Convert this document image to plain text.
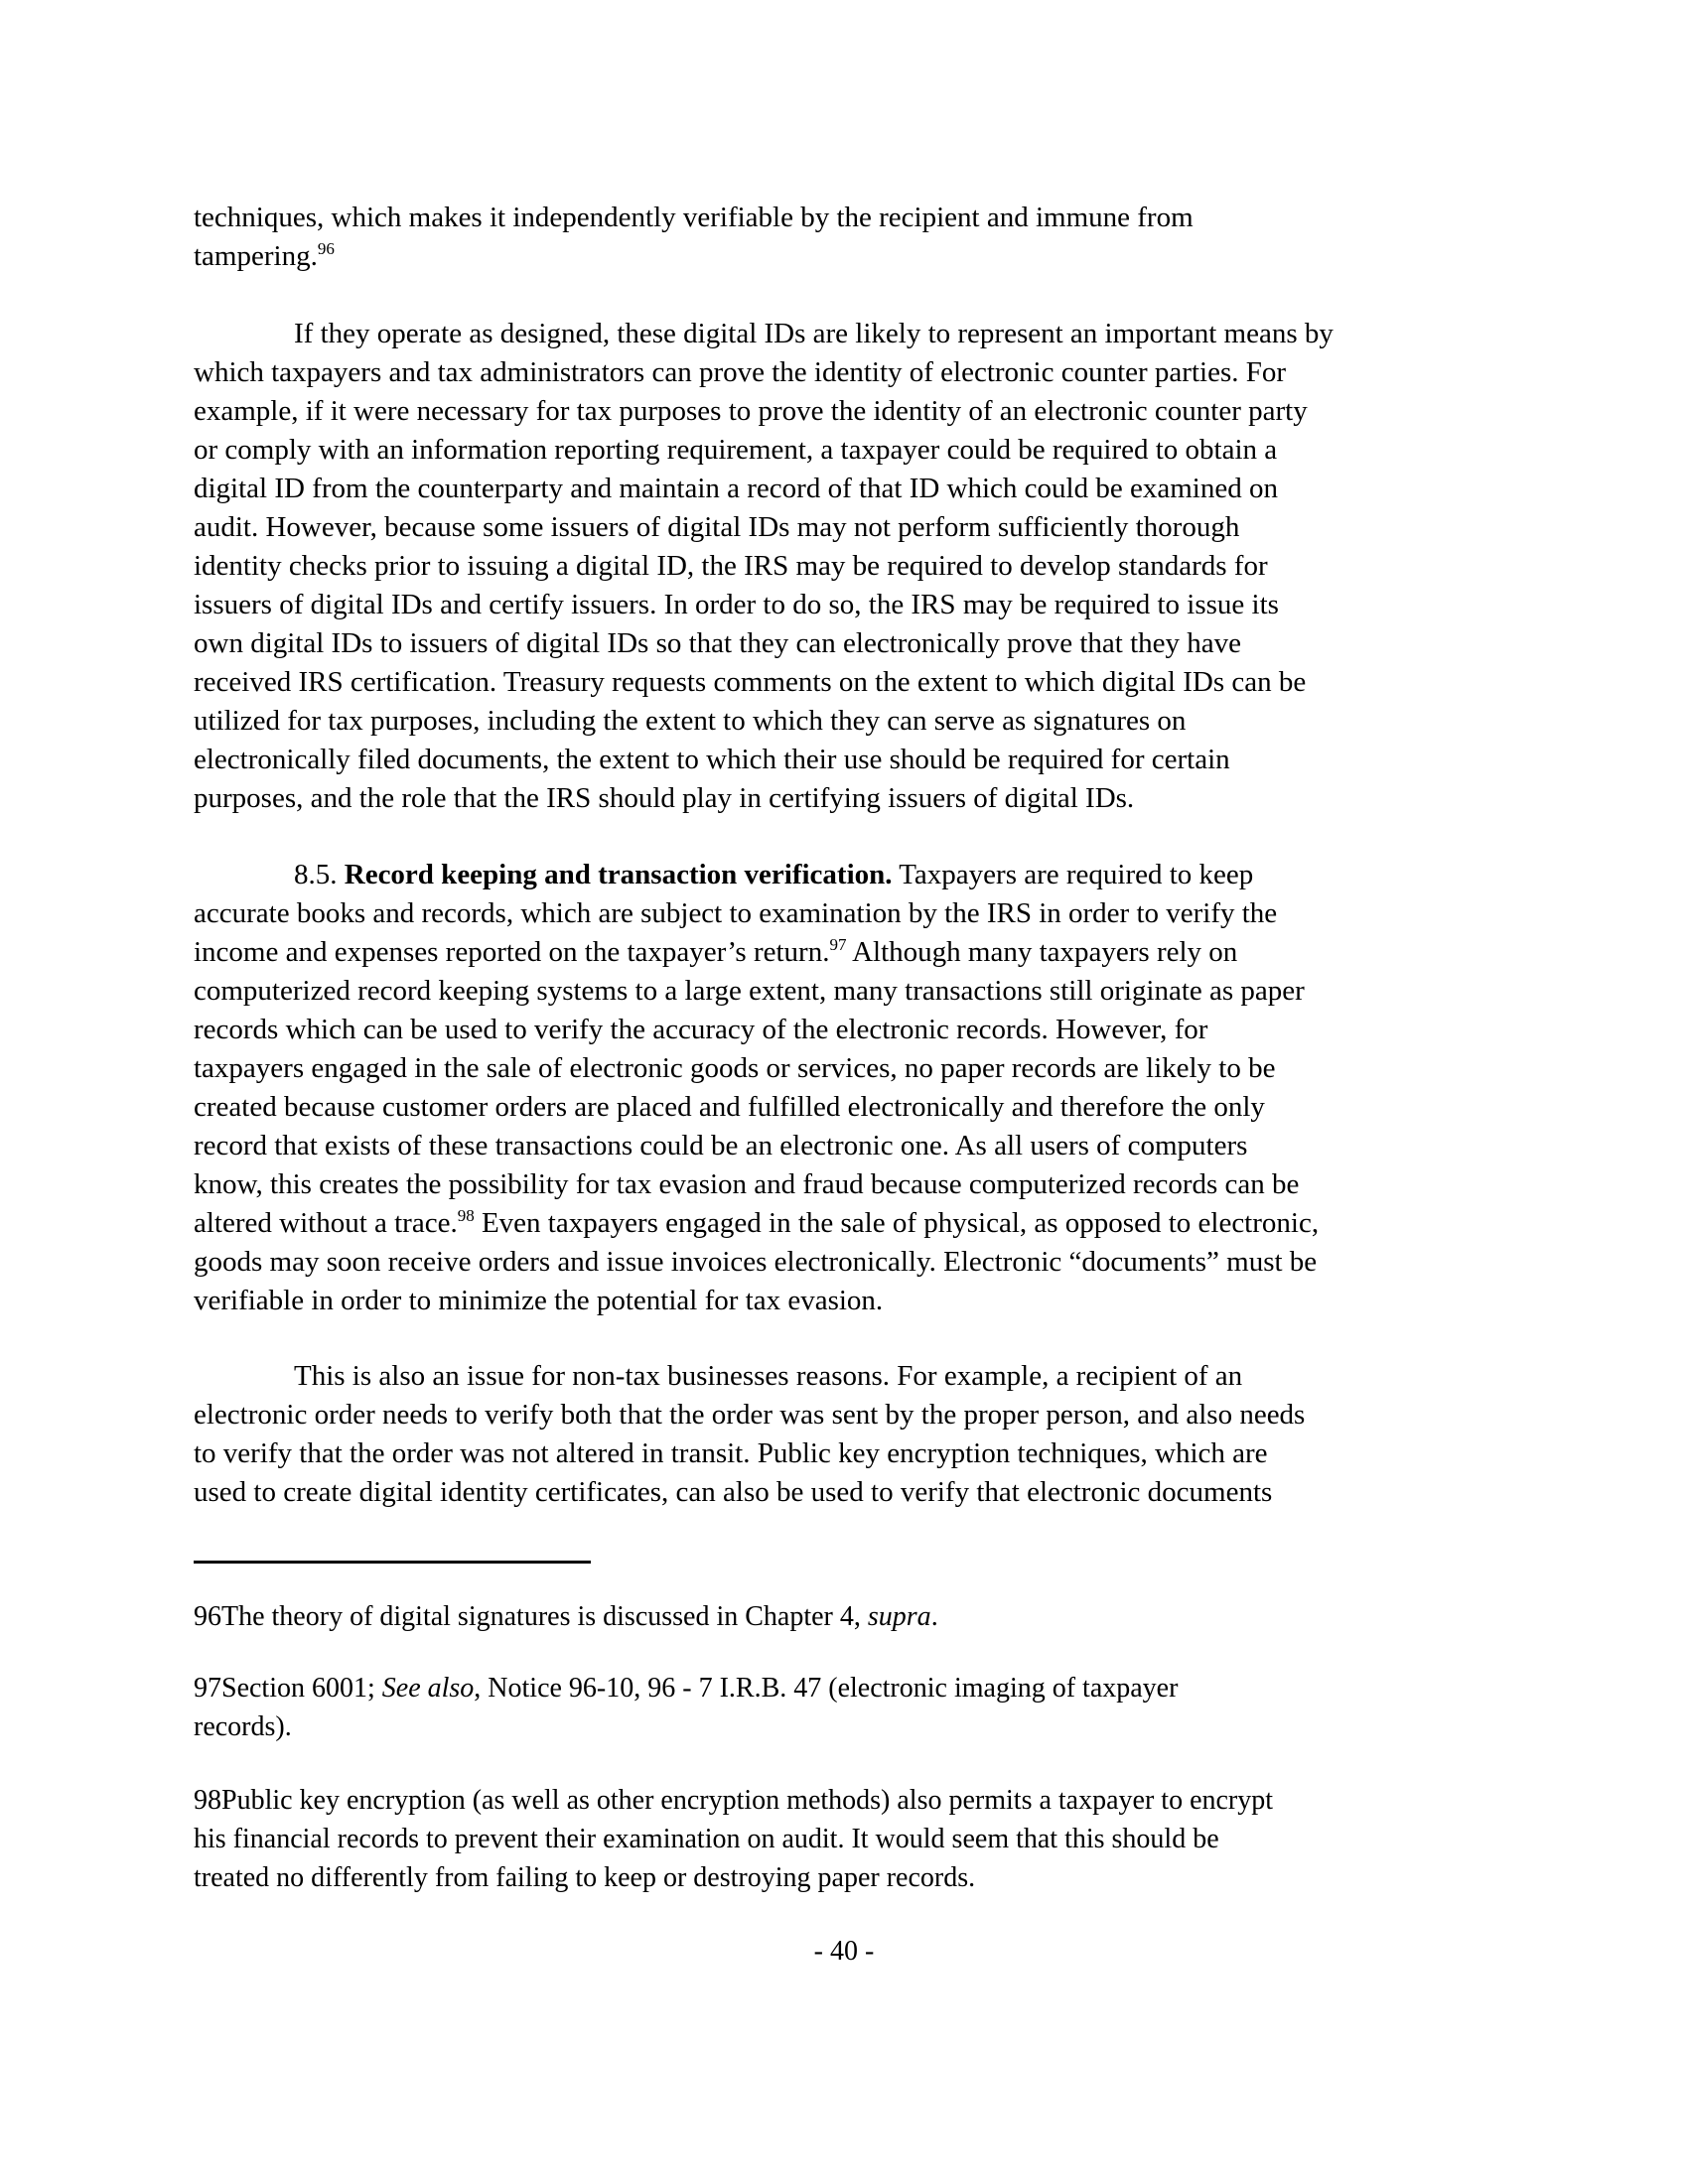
techniques, which makes it independently verifiable by the recipient and immune from
tampering.$^{96}$
If they operate as designed, these digital IDs are likely to represent an important means by
which taxpayers and tax administrators can prove the identity of electronic counter parties. For
example, if it were necessary for tax purposes to prove the identity of an electronic counter party
or comply with an information reporting requirement, a taxpayer could be required to obtain a
digital ID from the counterparty and maintain a record of that ID which could be examined on
audit. However, because some issuers of digital IDs may not perform sufficiently thorough
identity checks prior to issuing a digital ID, the IRS may be required to develop standards for
issuers of digital IDs and certify issuers. In order to do so, the IRS may be required to issue its
own digital IDs to issuers of digital IDs so that they can electronically prove that they have
received IRS certification. Treasury requests comments on the extent to which digital IDs can be
utilized for tax purposes, including the extent to which they can serve as signatures on
electronically filed documents, the extent to which their use should be required for certain
purposes, and the role that the IRS should play in certifying issuers of digital IDs.
8.5. Record keeping and transaction verification. Taxpayers are required to keep
accurate books and records, which are subject to examination by the IRS in order to verify the
income and expenses reported on the taxpayer’s return.$^{97}$ Although many taxpayers rely on
computerized record keeping systems to a large extent, many transactions still originate as paper
records which can be used to verify the accuracy of the electronic records. However, for
taxpayers engaged in the sale of electronic goods or services, no paper records are likely to be
created because customer orders are placed and fulfilled electronically and therefore the only
record that exists of these transactions could be an electronic one. As all users of computers
know, this creates the possibility for tax evasion and fraud because computerized records can be
altered without a trace.$^{98}$ Even taxpayers engaged in the sale of physical, as opposed to electronic,
goods may soon receive orders and issue invoices electronically. Electronic “documents” must be
verifiable in order to minimize the potential for tax evasion.
This is also an issue for non-tax businesses reasons. For example, a recipient of an
electronic order needs to verify both that the order was sent by the proper person, and also needs
to verify that the order was not altered in transit. Public key encryption techniques, which are
used to create digital identity certificates, can also be used to verify that electronic documents
96The theory of digital signatures is discussed in Chapter 4, supra.
97Section 6001; See also, Notice 96-10, 96 - 7 I.R.B. 47 (electronic imaging of taxpayer
records).
98Public key encryption (as well as other encryption methods) also permits a taxpayer to encrypt
his financial records to prevent their examination on audit. It would seem that this should be
treated no differently from failing to keep or destroying paper records.
- 40 -
